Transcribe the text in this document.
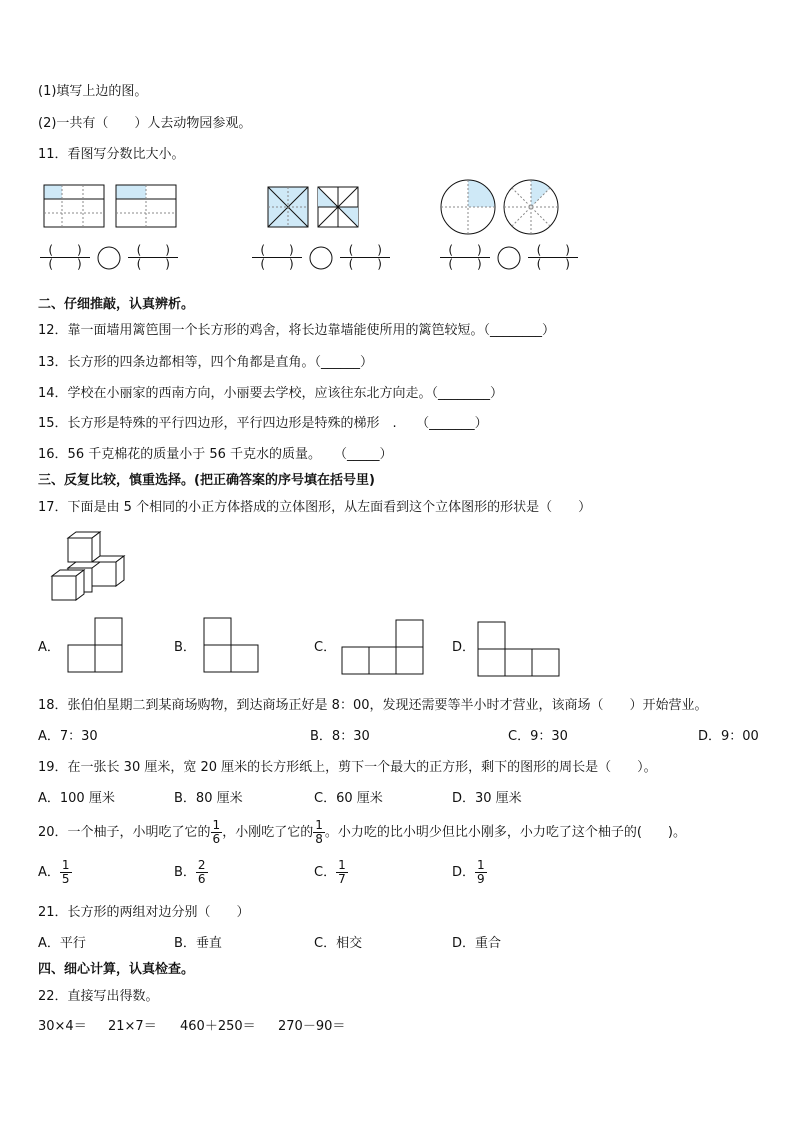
(1)填写上边的图。
(2)一共有（　　）人去动物园参观。
11．看图写分数比大小。
$\frac{( )}{( )}$
	$\frac{( )}{( )}$	$\frac{( )}{( )}$
	$\frac{( )}{( )}$	$\frac{( )}{( )}$
	$\frac{( )}{( )}$
二、仔细推敲，认真辨析。
12．靠一面墙用篱笆围一个长方形的鸡舍，将长边靠墙能使所用的篱笆较短。（________）
13．长方形的四条边都相等，四个角都是直角。（______）
14．学校在小丽家的西南方向，小丽要去学校，应该往东北方向走。（________）
15．长方形是特殊的平行四边形，平行四边形是特殊的梯形　.　　（_______）
16．56 千克棉花的质量小于 56 千克水的质量。　　（_____）
三、反复比较，慎重选择。(把正确答案的序号填在括号里)
17．下面是由 5 个相同的小正方体搭成的立体图形，从左面看到这个立体图形的形状是（　　）
A．	B．	C．	D．
18．张伯伯星期二到某商场购物，到达商场正好是 8：00，发现还需要等半小时才营业，该商场（　　）开始营业。
A．7：30	B．8：30	C．9：30	D．9：00
19．在一张长 30 厘米，宽 20 厘米的长方形纸上，剪下一个最大的正方形，剩下的图形的周长是（　　）。
A．100 厘米	B．80 厘米	C．60 厘米	D．30 厘米
20．一个柚子，小明吃了它的 $\frac{1}{6}$ ，小刚吃了它的 $\frac{1}{8}$ 。小力吃的比小明少但比小刚多，小力吃了这个柚子的(　　)。
A． $\frac{1}{5}$	B． $\frac{2}{6}$	C． $\frac{1}{7}$	D． $\frac{1}{9}$
21．长方形的两组对边分别（　　）
A．平行	B．垂直	C．相交	D．重合
四、细心计算，认真检查。
22．直接写出得数。
30×4＝ 21×7＝ 460＋250＝ 270－90＝
